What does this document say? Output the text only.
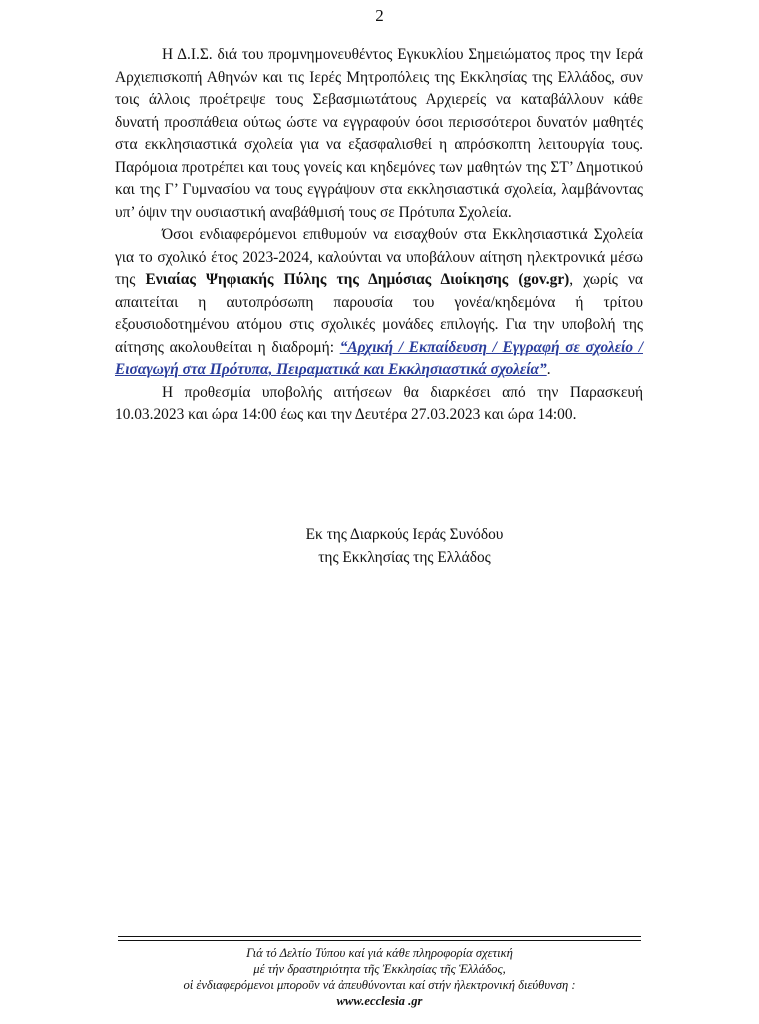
2

Η Δ.Ι.Σ. διά του προμνημονευθέντος Εγκυκλίου Σημειώματος προς την Ιερά Αρχιεπισκοπή Αθηνών και τις Ιερές Μητροπόλεις της Εκκλησίας της Ελλάδος, συν τοις άλλοις προέτρεψε τους Σεβασμιωτάτους Αρχιερείς να καταβάλλουν κάθε δυνατή προσπάθεια ούτως ώστε να εγγραφούν όσοι περισσότεροι δυνατόν μαθητές στα εκκλησιαστικά σχολεία για να εξασφαλισθεί η απρόσκοπτη λειτουργία τους. Παρόμοια προτρέπει και τους γονείς και κηδεμόνες των μαθητών της ΣΤ’ Δημοτικού και της Γ’ Γυμνασίου να τους εγγράψουν στα εκκλησιαστικά σχολεία, λαμβάνοντας υπ’ όψιν την ουσιαστική αναβάθμισή τους σε Πρότυπα Σχολεία.

Όσοι ενδιαφερόμενοι επιθυμούν να εισαχθούν στα Εκκλησιαστικά Σχολεία για το σχολικό έτος 2023-2024, καλούνται να υποβάλουν αίτηση ηλεκτρονικά μέσω της Ενιαίας Ψηφιακής Πύλης της Δημόσιας Διοίκησης (gov.gr), χωρίς να απαιτείται η αυτοπρόσωπη παρουσία του γονέα/κηδεμόνα ή τρίτου εξουσιοδοτημένου ατόμου στις σχολικές μονάδες επιλογής. Για την υποβολή της αίτησης ακολουθείται η διαδρομή: “Αρχική / Εκπαίδευση / Εγγραφή σε σχολείο / Εισαγωγή στα Πρότυπα, Πειραματικά και Εκκλησιαστικά σχολεία”.

Η προθεσμία υποβολής αιτήσεων θα διαρκέσει από την Παρασκευή 10.03.2023 και ώρα 14:00 έως και την Δευτέρα 27.03.2023 και ώρα 14:00.

Εκ της Διαρκούς Ιεράς Συνόδου
της Εκκλησίας της Ελλάδος
Γιά τό Δελτίο Τύπου καί γιά κάθε πληροφορία σχετική
μέ τήν δραστηριότητα τῆς Ἐκκλησίας τῆς Ἑλλάδος,
οἱ ἐνδιαφερόμενοι μποροῦν νά ἀπευθύνονται καί στήν ἠλεκτρονική διεύθυνση :
www.ecclesia .gr
